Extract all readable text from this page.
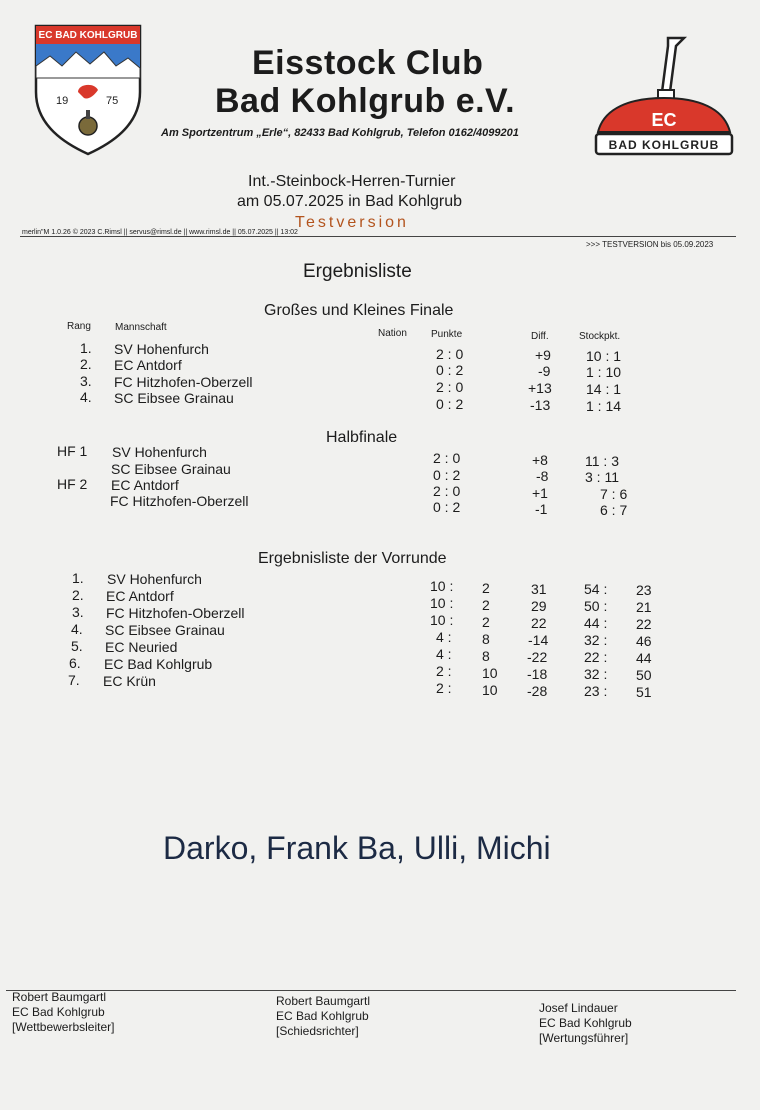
EC BAD KOHLGRUB
19	75
Eisstock Club
Bad Kohlgrub e.V.
Am Sportzentrum „Erle“, 82433 Bad Kohlgrub, Telefon 0162/4099201
EC
BAD KOHLGRUB
Int.-Steinbock-Herren-Turnier
am 05.07.2025 in Bad Kohlgrub
Testversion
merlin"M 1.0.26 © 2023 C.Rimsl || servus@rimsl.de || www.rimsl.de || 05.07.2025 || 13:02
>>> TESTVERSION bis 05.09.2023
Ergebnisliste
Großes und Kleines Finale
Rang Mannschaft
Nation Punkte	Diff.	Stockpkt.
1. SV Hohenfurch	2 : 0	+9	10 : 1
2. EC Antdorf	0 : 2	-9	1 : 10
3. FC Hitzhofen-Oberzell	2 : 0	+13 14 : 1
4. SC Eibsee Grainau	0 : 2	-13	1 : 14
Halbfinale
HF 1 SV Hohenfurch	2 : 0	+8	11 : 3
SC Eibsee Grainau	0 : 2	-8	3 : 11
HF 2 EC Antdorf	2 : 0	+1	7 : 6
FC Hitzhofen-Oberzell	0 : 2	-1	6 : 7
Ergebnisliste der Vorrunde
1. SV Hohenfurch	10 : 2	31	54 : 23
2. EC Antdorf	10 : 2	29	50 : 21
3. FC Hitzhofen-Oberzell	10 : 2	22	44 : 22
4. SC Eibsee Grainau	4 : 8	-14	32 : 46
5. EC Neuried	4 : 8	-22	22 : 44
6. EC Bad Kohlgrub	2 : 10 -18	32 : 50
7. EC Krün	2 : 10 -28	23 : 51
Darko, Frank Ba, Ulli, Michi
Robert Baumgartl
EC Bad Kohlgrub
[Wettbewerbsleiter]
Robert Baumgartl
EC Bad Kohlgrub
[Schiedsrichter]
Josef Lindauer
EC Bad Kohlgrub
[Wertungsführer]
